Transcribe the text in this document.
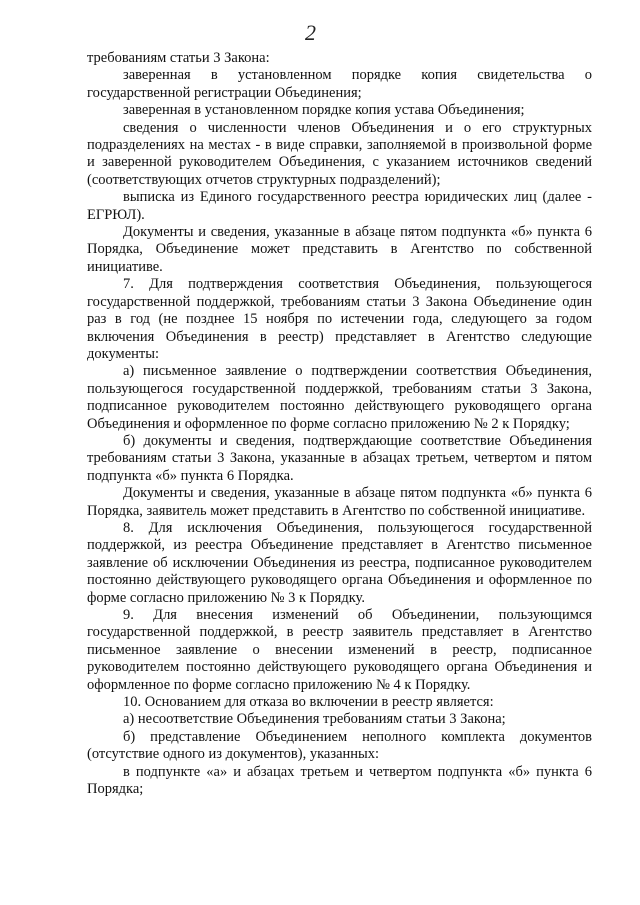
2

требованиям статьи 3 Закона:

заверенная в установленном порядке копия свидетельства о государственной регистрации Объединения;

заверенная в установленном порядке копия устава Объединения;

сведения о численности членов Объединения и о его структурных подразделениях на местах - в виде справки, заполняемой в произвольной форме и заверенной руководителем Объединения, с указанием источников сведений (соответствующих отчетов структурных подразделений);

выписка из Единого государственного реестра юридических лиц (далее - ЕГРЮЛ).

Документы и сведения, указанные в абзаце пятом подпункта «б» пункта 6 Порядка, Объединение может представить в Агентство по собственной инициативе.

7. Для подтверждения соответствия Объединения, пользующегося государственной поддержкой, требованиям статьи 3 Закона Объединение один раз в год (не позднее 15 ноября по истечении года, следующего за годом включения Объединения в реестр) представляет в Агентство следующие документы:

а) письменное заявление о подтверждении соответствия Объединения, пользующегося государственной поддержкой, требованиям статьи 3 Закона, подписанное руководителем постоянно действующего руководящего органа Объединения и оформленное по форме согласно приложению № 2 к Порядку;

б) документы и сведения, подтверждающие соответствие Объединения требованиям статьи 3 Закона, указанные в абзацах третьем, четвертом и пятом подпункта «б» пункта 6 Порядка.

Документы и сведения, указанные в абзаце пятом подпункта «б» пункта 6 Порядка, заявитель может представить в Агентство по собственной инициативе.

8. Для исключения Объединения, пользующегося государственной поддержкой, из реестра Объединение представляет в Агентство письменное заявление об исключении Объединения из реестра, подписанное руководителем постоянно действующего руководящего органа Объединения и оформленное по форме согласно приложению № 3 к Порядку.

9. Для внесения изменений об Объединении, пользующимся государственной поддержкой, в реестр заявитель представляет в Агентство письменное заявление о внесении изменений в реестр, подписанное руководителем постоянно действующего руководящего органа Объединения и оформленное по форме согласно приложению № 4 к Порядку.

10. Основанием для отказа во включении в реестр является:

а) несоответствие Объединения требованиям статьи 3 Закона;

б) представление Объединением неполного комплекта документов (отсутствие одного из документов), указанных:

в подпункте «а» и абзацах третьем и четвертом подпункта «б» пункта 6 Порядка;
